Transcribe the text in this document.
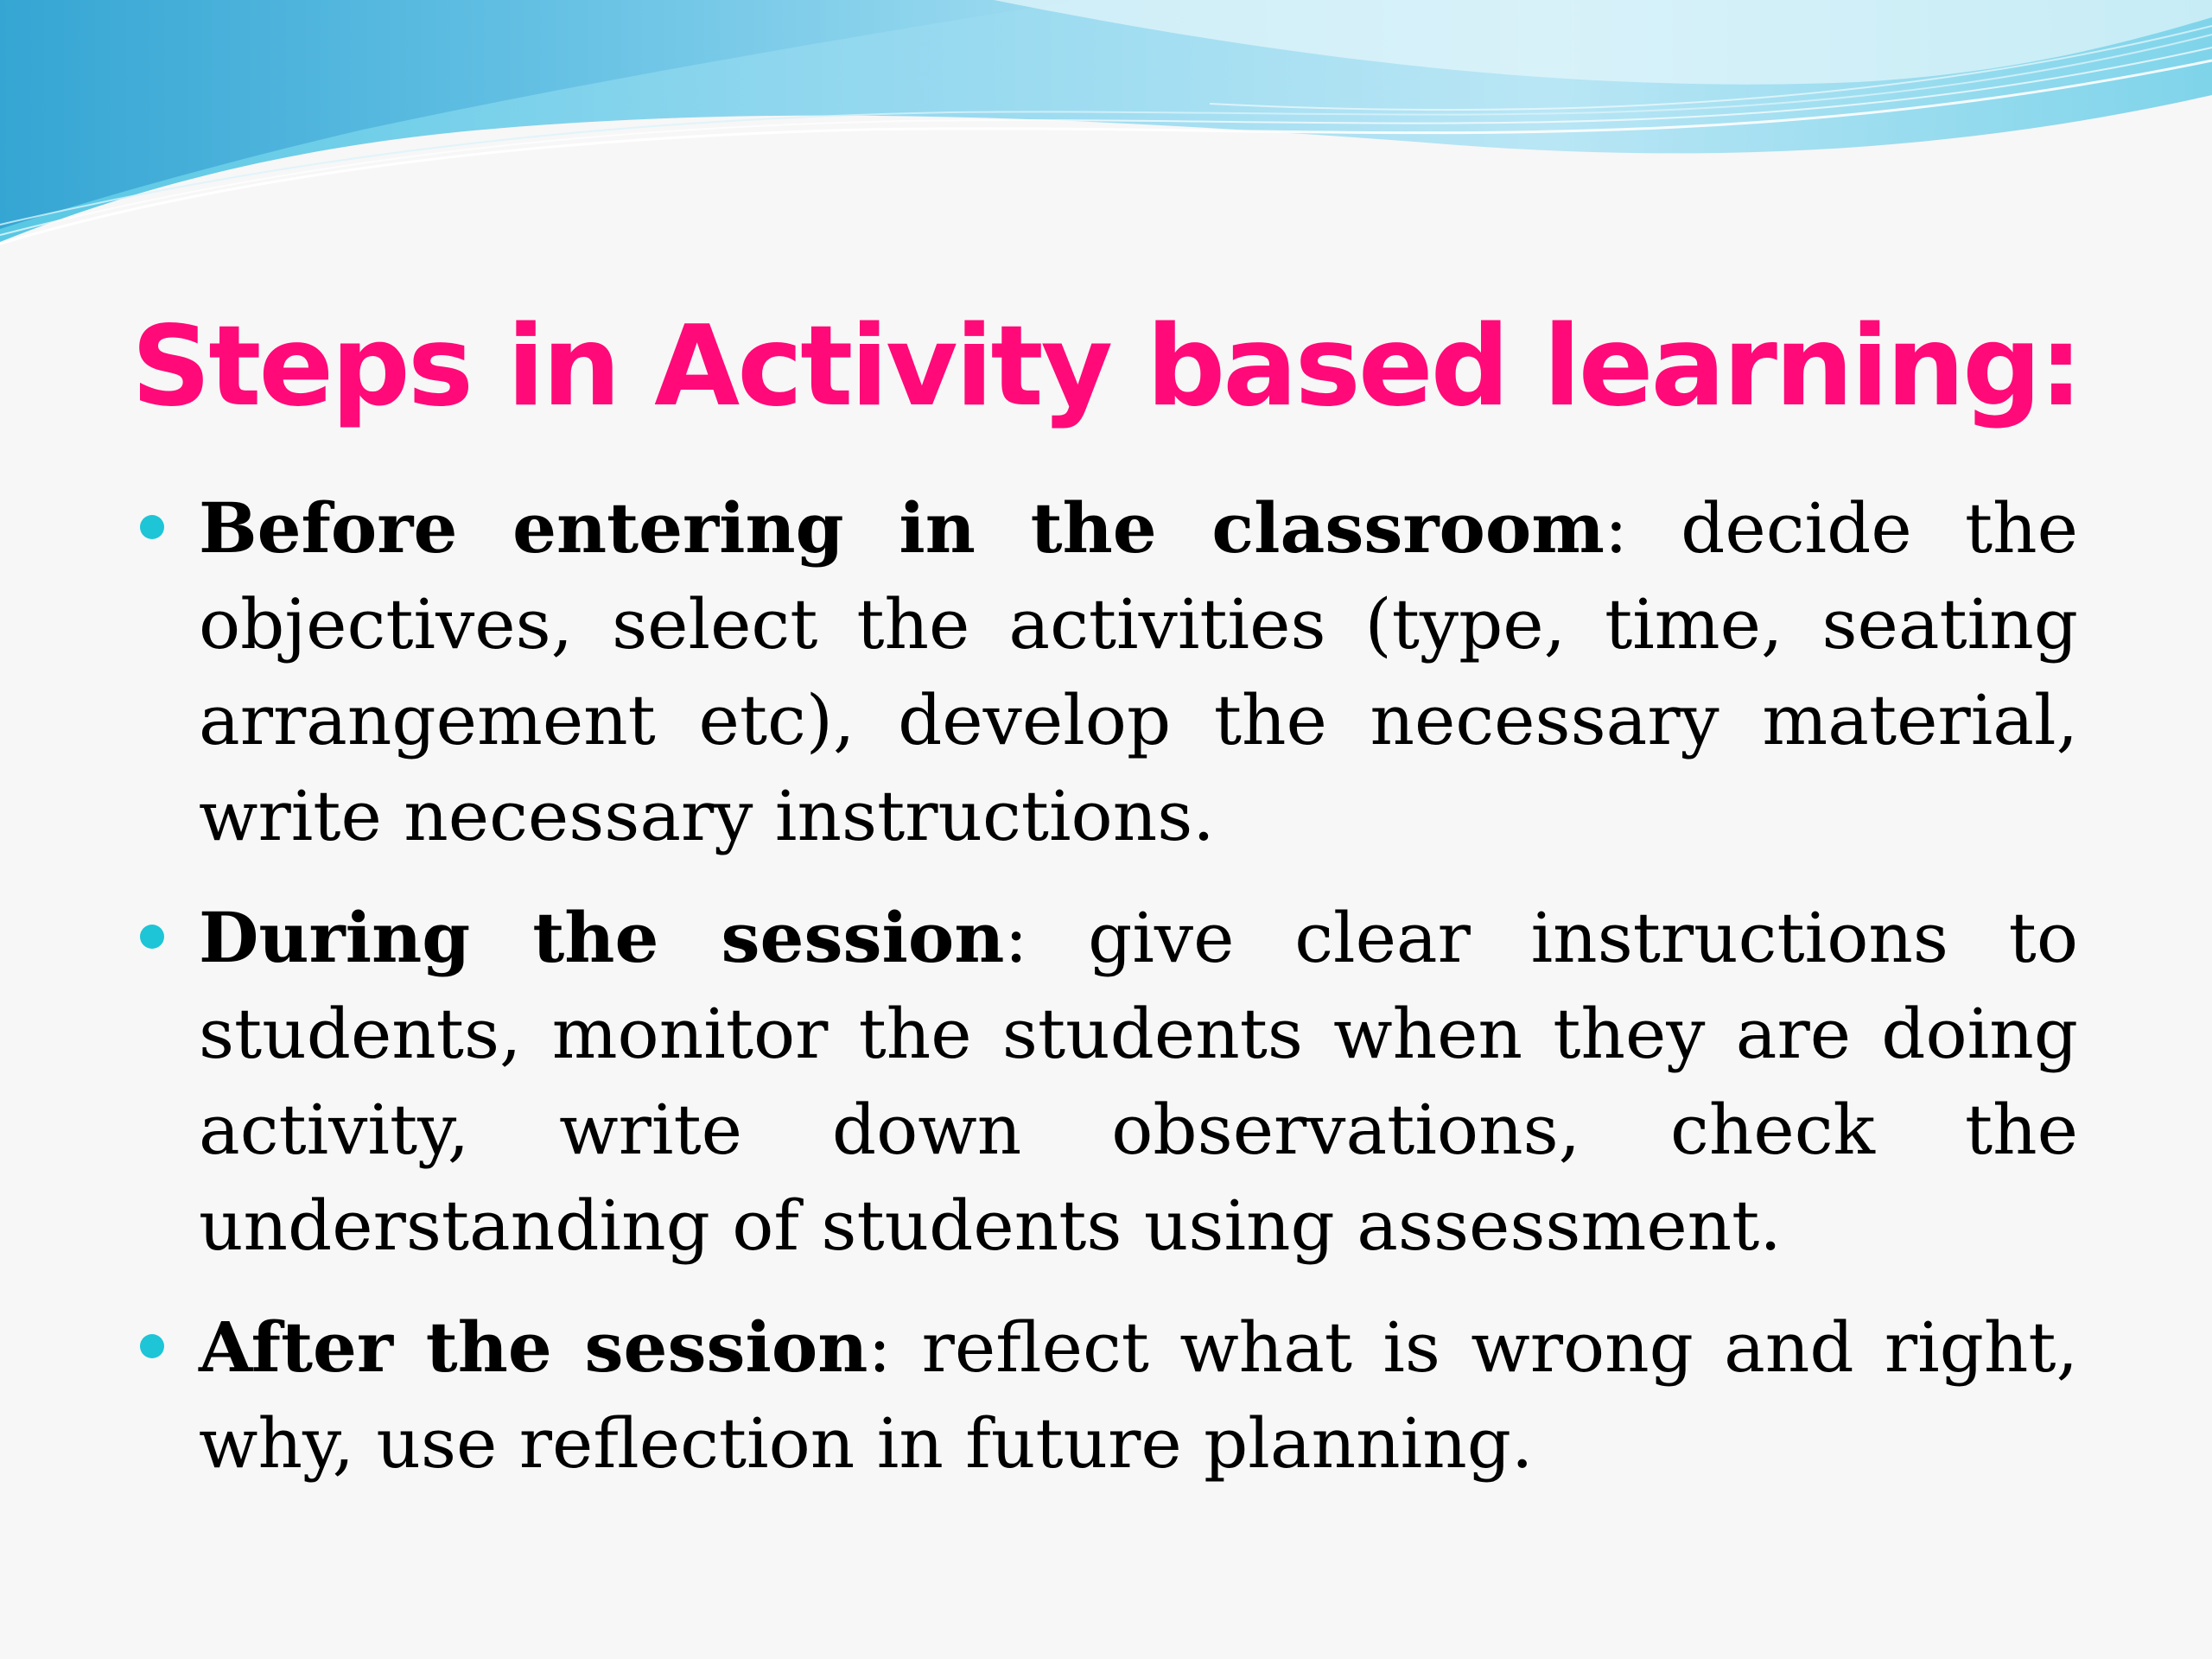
Steps in Activity based learning:
Before entering in the classroom: decide the objectives, select the activities (type, time, seating arrangement etc), develop the necessary material, write necessary instructions.
During the session: give clear instructions to students, monitor the students when they are doing activity, write down observations, check the understanding of students using assessment.
After the session: reflect what is wrong and right, why, use reflection in future planning.
